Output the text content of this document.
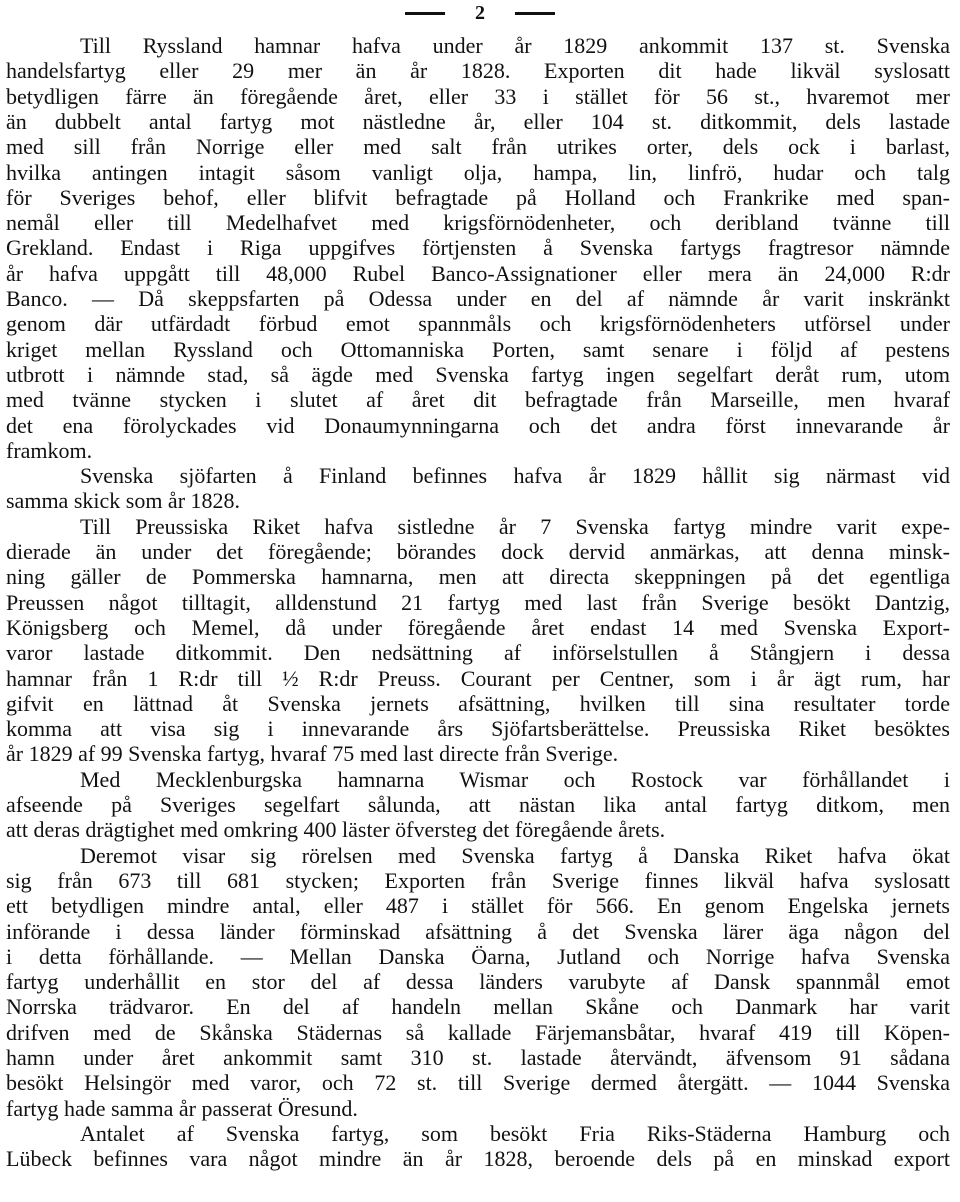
2
Till Ryssland hamnar hafva under år 1829 ankommit 137 st. Svenska
handelsfartyg eller 29 mer än år 1828. Exporten dit hade likväl syslosatt
betydligen färre än föregående året, eller 33 i stället för 56 st., hvaremot mer
än dubbelt antal fartyg mot nästledne år, eller 104 st. ditkommit, dels lastade
med sill från Norrige eller med salt från utrikes orter, dels ock i barlast,
hvilka antingen intagit såsom vanligt olja, hampa, lin, linfrö, hudar och talg
för Sveriges behof, eller blifvit befragtade på Holland och Frankrike med span-
nemål eller till Medelhafvet med krigsförnödenheter, och deribland tvänne till
Grekland. Endast i Riga uppgifves förtjensten å Svenska fartygs fragtresor nämnde
år hafva uppgått till 48,000 Rubel Banco-Assignationer eller mera än 24,000 R:dr
Banco. — Då skeppsfarten på Odessa under en del af nämnde år varit inskränkt
genom där utfärdadt förbud emot spannmåls och krigsförnödenheters utförsel under
kriget mellan Ryssland och Ottomanniska Porten, samt senare i följd af pestens
utbrott i nämnde stad, så ägde med Svenska fartyg ingen segelfart deråt rum, utom
med tvänne stycken i slutet af året dit befragtade från Marseille, men hvaraf
det ena förolyckades vid Donaumynningarna och det andra först innevarande år
framkom.
Svenska sjöfarten å Finland befinnes hafva år 1829 hållit sig närmast vid
samma skick som år 1828.
Till Preussiska Riket hafva sistledne år 7 Svenska fartyg mindre varit expe-
dierade än under det föregående; börandes dock dervid anmärkas, att denna minsk-
ning gäller de Pommerska hamnarna, men att directa skeppningen på det egentliga
Preussen något tilltagit, alldenstund 21 fartyg med last från Sverige besökt Dantzig,
Königsberg och Memel, då under föregående året endast 14 med Svenska Export-
varor lastade ditkommit. Den nedsättning af införselstullen å Stångjern i dessa
hamnar från 1 R:dr till ½ R:dr Preuss. Courant per Centner, som i år ägt rum, har
gifvit en lättnad åt Svenska jernets afsättning, hvilken till sina resultater torde
komma att visa sig i innevarande års Sjöfartsberättelse. Preussiska Riket besöktes
år 1829 af 99 Svenska fartyg, hvaraf 75 med last directe från Sverige.
Med Mecklenburgska hamnarna Wismar och Rostock var förhållandet i
afseende på Sveriges segelfart sålunda, att nästan lika antal fartyg ditkom, men
att deras drägtighet med omkring 400 läster öfversteg det föregående årets.
Deremot visar sig rörelsen med Svenska fartyg å Danska Riket hafva ökat
sig från 673 till 681 stycken; Exporten från Sverige finnes likväl hafva syslosatt
ett betydligen mindre antal, eller 487 i stället för 566. En genom Engelska jernets
införande i dessa länder förminskad afsättning å det Svenska lärer äga någon del
i detta förhållande. — Mellan Danska Öarna, Jutland och Norrige hafva Svenska
fartyg underhållit en stor del af dessa länders varubyte af Dansk spannmål emot
Norrska trädvaror. En del af handeln mellan Skåne och Danmark har varit
drifven med de Skånska Städernas så kallade Färjemansbåtar, hvaraf 419 till Köpen-
hamn under året ankommit samt 310 st. lastade återvändt, äfvensom 91 sådana
besökt Helsingör med varor, och 72 st. till Sverige dermed återgätt. — 1044 Svenska
fartyg hade samma år passerat Öresund.
Antalet af Svenska fartyg, som besökt Fria Riks-Städerna Hamburg och
Lübeck befinnes vara något mindre än år 1828, beroende dels på en minskad export
